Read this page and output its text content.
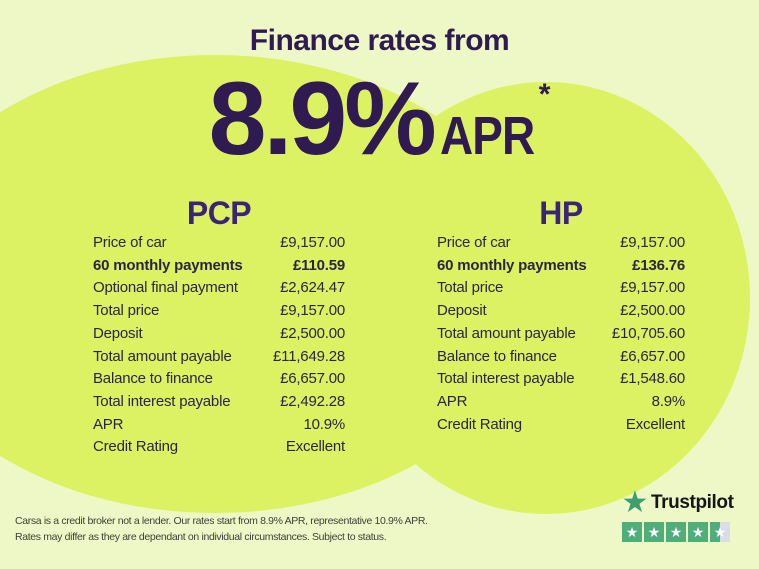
Finance rates from
8.9% APR
*
PCP	HP
Price of car	£9,157.00
60 monthly payments	£110.59
Optional final payment	£2,624.47
Total price	£9,157.00
Deposit	£2,500.00
Total amount payable	£11,649.28
Balance to finance	£6,657.00
Total interest payable	£2,492.28
APR	10.9%
Credit Rating	Excellent
Price of car	£9,157.00
60 monthly payments	£136.76
Total price	£9,157.00
Deposit	£2,500.00
Total amount payable £10,705.60
Balance to finance	£6,657.00
Total interest payable	£1,548.60
APR	8.9%
Credit Rating	Excellent
Carsa is a credit broker not a lender. Our rates start from 8.9% APR, representative 10.9% APR.
Rates may differ as they are dependant on individual circumstances. Subject to status.
★ Trustpilot
★ ★ ★ ★ ★
